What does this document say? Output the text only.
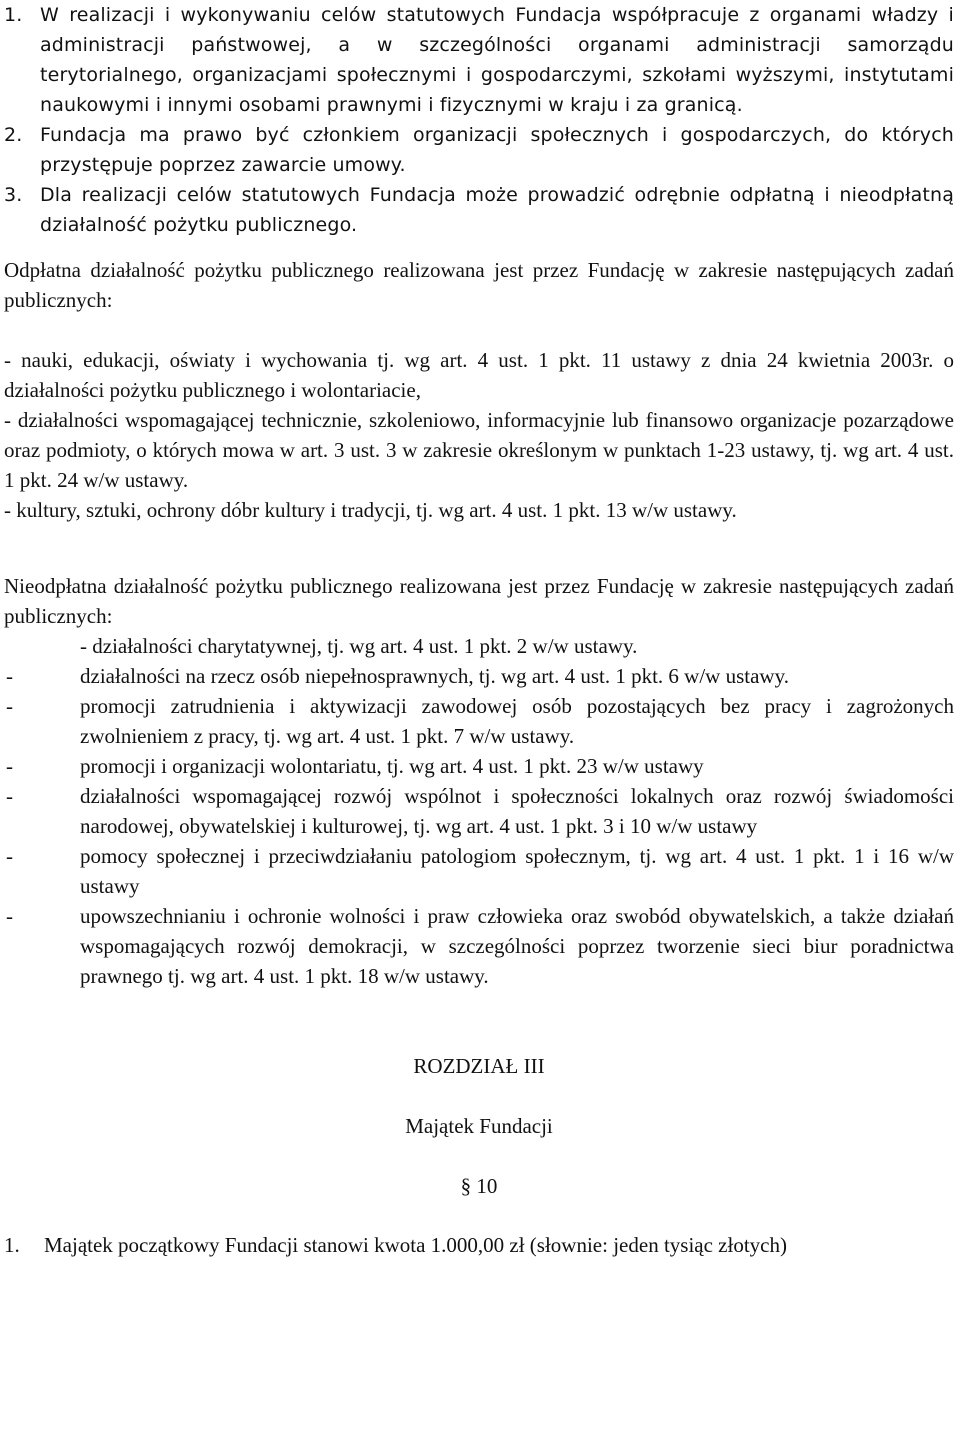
1. W realizacji i wykonywaniu celów statutowych Fundacja współpracuje z organami władzy i administracji państwowej, a w szczególności organami administracji samorządu terytorialnego, organizacjami społecznymi i gospodarczymi, szkołami wyższymi, instytutami naukowymi i innymi osobami prawnymi i fizycznymi w kraju i za granicą.
2. Fundacja ma prawo być członkiem organizacji społecznych i gospodarczych, do których przystępuje poprzez zawarcie umowy.
3. Dla realizacji celów statutowych Fundacja może prowadzić odrębnie odpłatną i nieodpłatną działalność pożytku publicznego.

Odpłatna działalność pożytku publicznego realizowana jest przez Fundację w zakresie następujących zadań publicznych:

- nauki, edukacji, oświaty i wychowania tj. wg art. 4 ust. 1 pkt. 11 ustawy z dnia 24 kwietnia 2003r. o działalności pożytku publicznego i wolontariacie,

- działalności wspomagającej technicznie, szkoleniowo, informacyjnie lub finansowo organizacje pozarządowe oraz podmioty, o których mowa w art. 3 ust. 3 w zakresie określonym w punktach 1-23 ustawy, tj. wg art. 4 ust. 1 pkt. 24 w/w ustawy.

- kultury, sztuki, ochrony dóbr kultury i tradycji, tj. wg art. 4 ust. 1 pkt. 13 w/w ustawy.

Nieodpłatna działalność pożytku publicznego realizowana jest przez Fundację w zakresie następujących zadań publicznych:

- działalności charytatywnej, tj. wg art. 4 ust. 1 pkt. 2 w/w ustawy.

-	działalności na rzecz osób niepełnosprawnych, tj. wg art. 4 ust. 1 pkt. 6 w/w ustawy.
-	promocji zatrudnienia i aktywizacji zawodowej osób pozostających bez pracy i zagrożonych zwolnieniem z pracy, tj. wg art. 4 ust. 1 pkt. 7 w/w ustawy.
-	promocji i organizacji wolontariatu, tj. wg art. 4 ust. 1 pkt. 23 w/w ustawy
-	działalności wspomagającej rozwój wspólnot i społeczności lokalnych oraz rozwój świadomości narodowej, obywatelskiej i kulturowej, tj. wg art. 4 ust. 1 pkt. 3 i 10 w/w ustawy
-	pomocy społecznej i przeciwdziałaniu patologiom społecznym, tj. wg art. 4 ust. 1 pkt. 1 i 16 w/w ustawy
-	upowszechnianiu i ochronie wolności i praw człowieka oraz swobód obywatelskich, a także działań wspomagających rozwój demokracji, w szczególności poprzez tworzenie sieci biur poradnictwa prawnego tj. wg art. 4 ust. 1 pkt. 18 w/w ustawy.

ROZDZIAŁ III

Majątek Fundacji

§ 10

1.	Majątek początkowy Fundacji stanowi kwota 1.000,00 zł (słownie: jeden tysiąc złotych)
